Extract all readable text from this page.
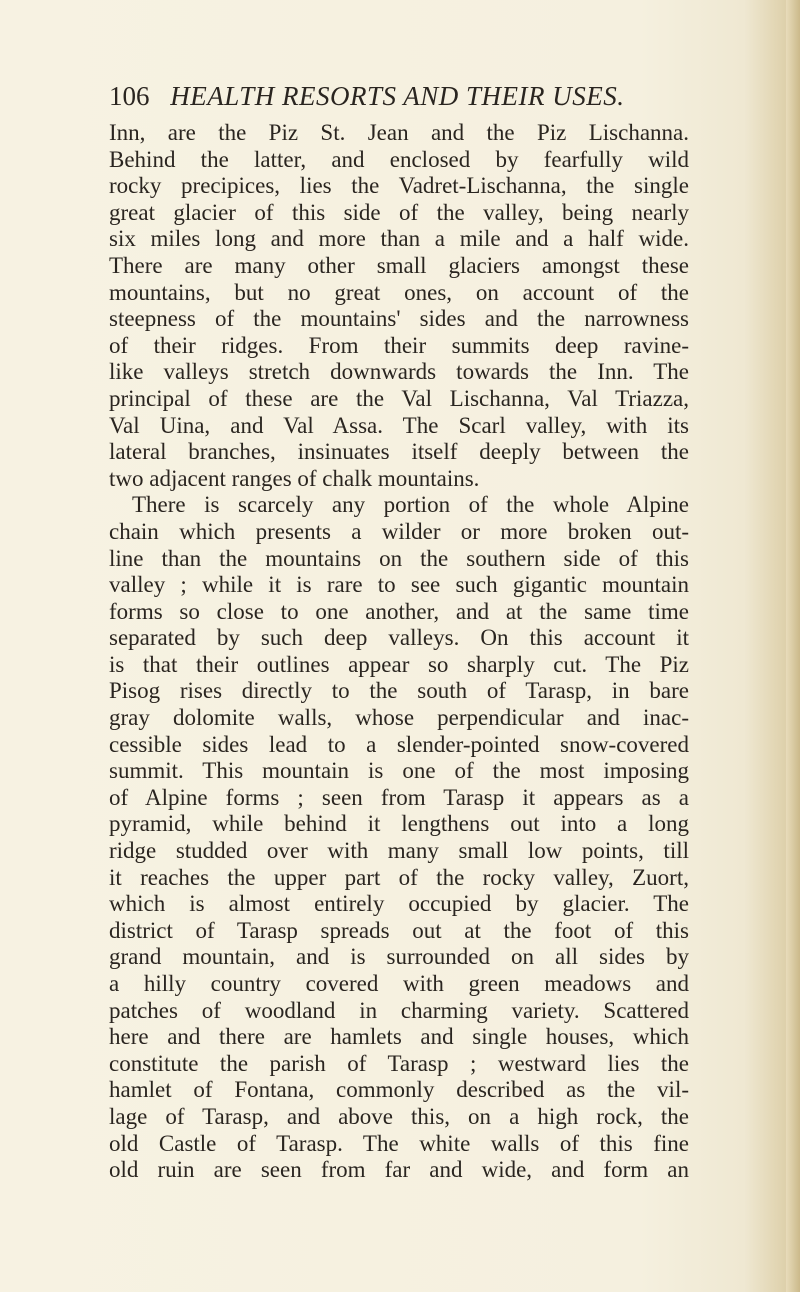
106 HEALTH RESORTS AND THEIR USES.
Inn, are the Piz St. Jean and the Piz Lischanna.
Behind the latter, and enclosed by fearfully wild
rocky precipices, lies the Vadret-Lischanna, the single
great glacier of this side of the valley, being nearly
six miles long and more than a mile and a half wide.
There are many other small glaciers amongst these
mountains, but no great ones, on account of the
steepness of the mountains' sides and the narrowness
of their ridges. From their summits deep ravine-
like valleys stretch downwards towards the Inn. The
principal of these are the Val Lischanna, Val Triazza,
Val Uina, and Val Assa. The Scarl valley, with its
lateral branches, insinuates itself deeply between the
two adjacent ranges of chalk mountains.
There is scarcely any portion of the whole Alpine
chain which presents a wilder or more broken out-
line than the mountains on the southern side of this
valley ; while it is rare to see such gigantic mountain
forms so close to one another, and at the same time
separated by such deep valleys. On this account it
is that their outlines appear so sharply cut. The Piz
Pisog rises directly to the south of Tarasp, in bare
gray dolomite walls, whose perpendicular and inac-
cessible sides lead to a slender-pointed snow-covered
summit. This mountain is one of the most imposing
of Alpine forms ; seen from Tarasp it appears as a
pyramid, while behind it lengthens out into a long
ridge studded over with many small low points, till
it reaches the upper part of the rocky valley, Zuort,
which is almost entirely occupied by glacier. The
district of Tarasp spreads out at the foot of this
grand mountain, and is surrounded on all sides by
a hilly country covered with green meadows and
patches of woodland in charming variety. Scattered
here and there are hamlets and single houses, which
constitute the parish of Tarasp ; westward lies the
hamlet of Fontana, commonly described as the vil-
lage of Tarasp, and above this, on a high rock, the
old Castle of Tarasp. The white walls of this fine
old ruin are seen from far and wide, and form an
